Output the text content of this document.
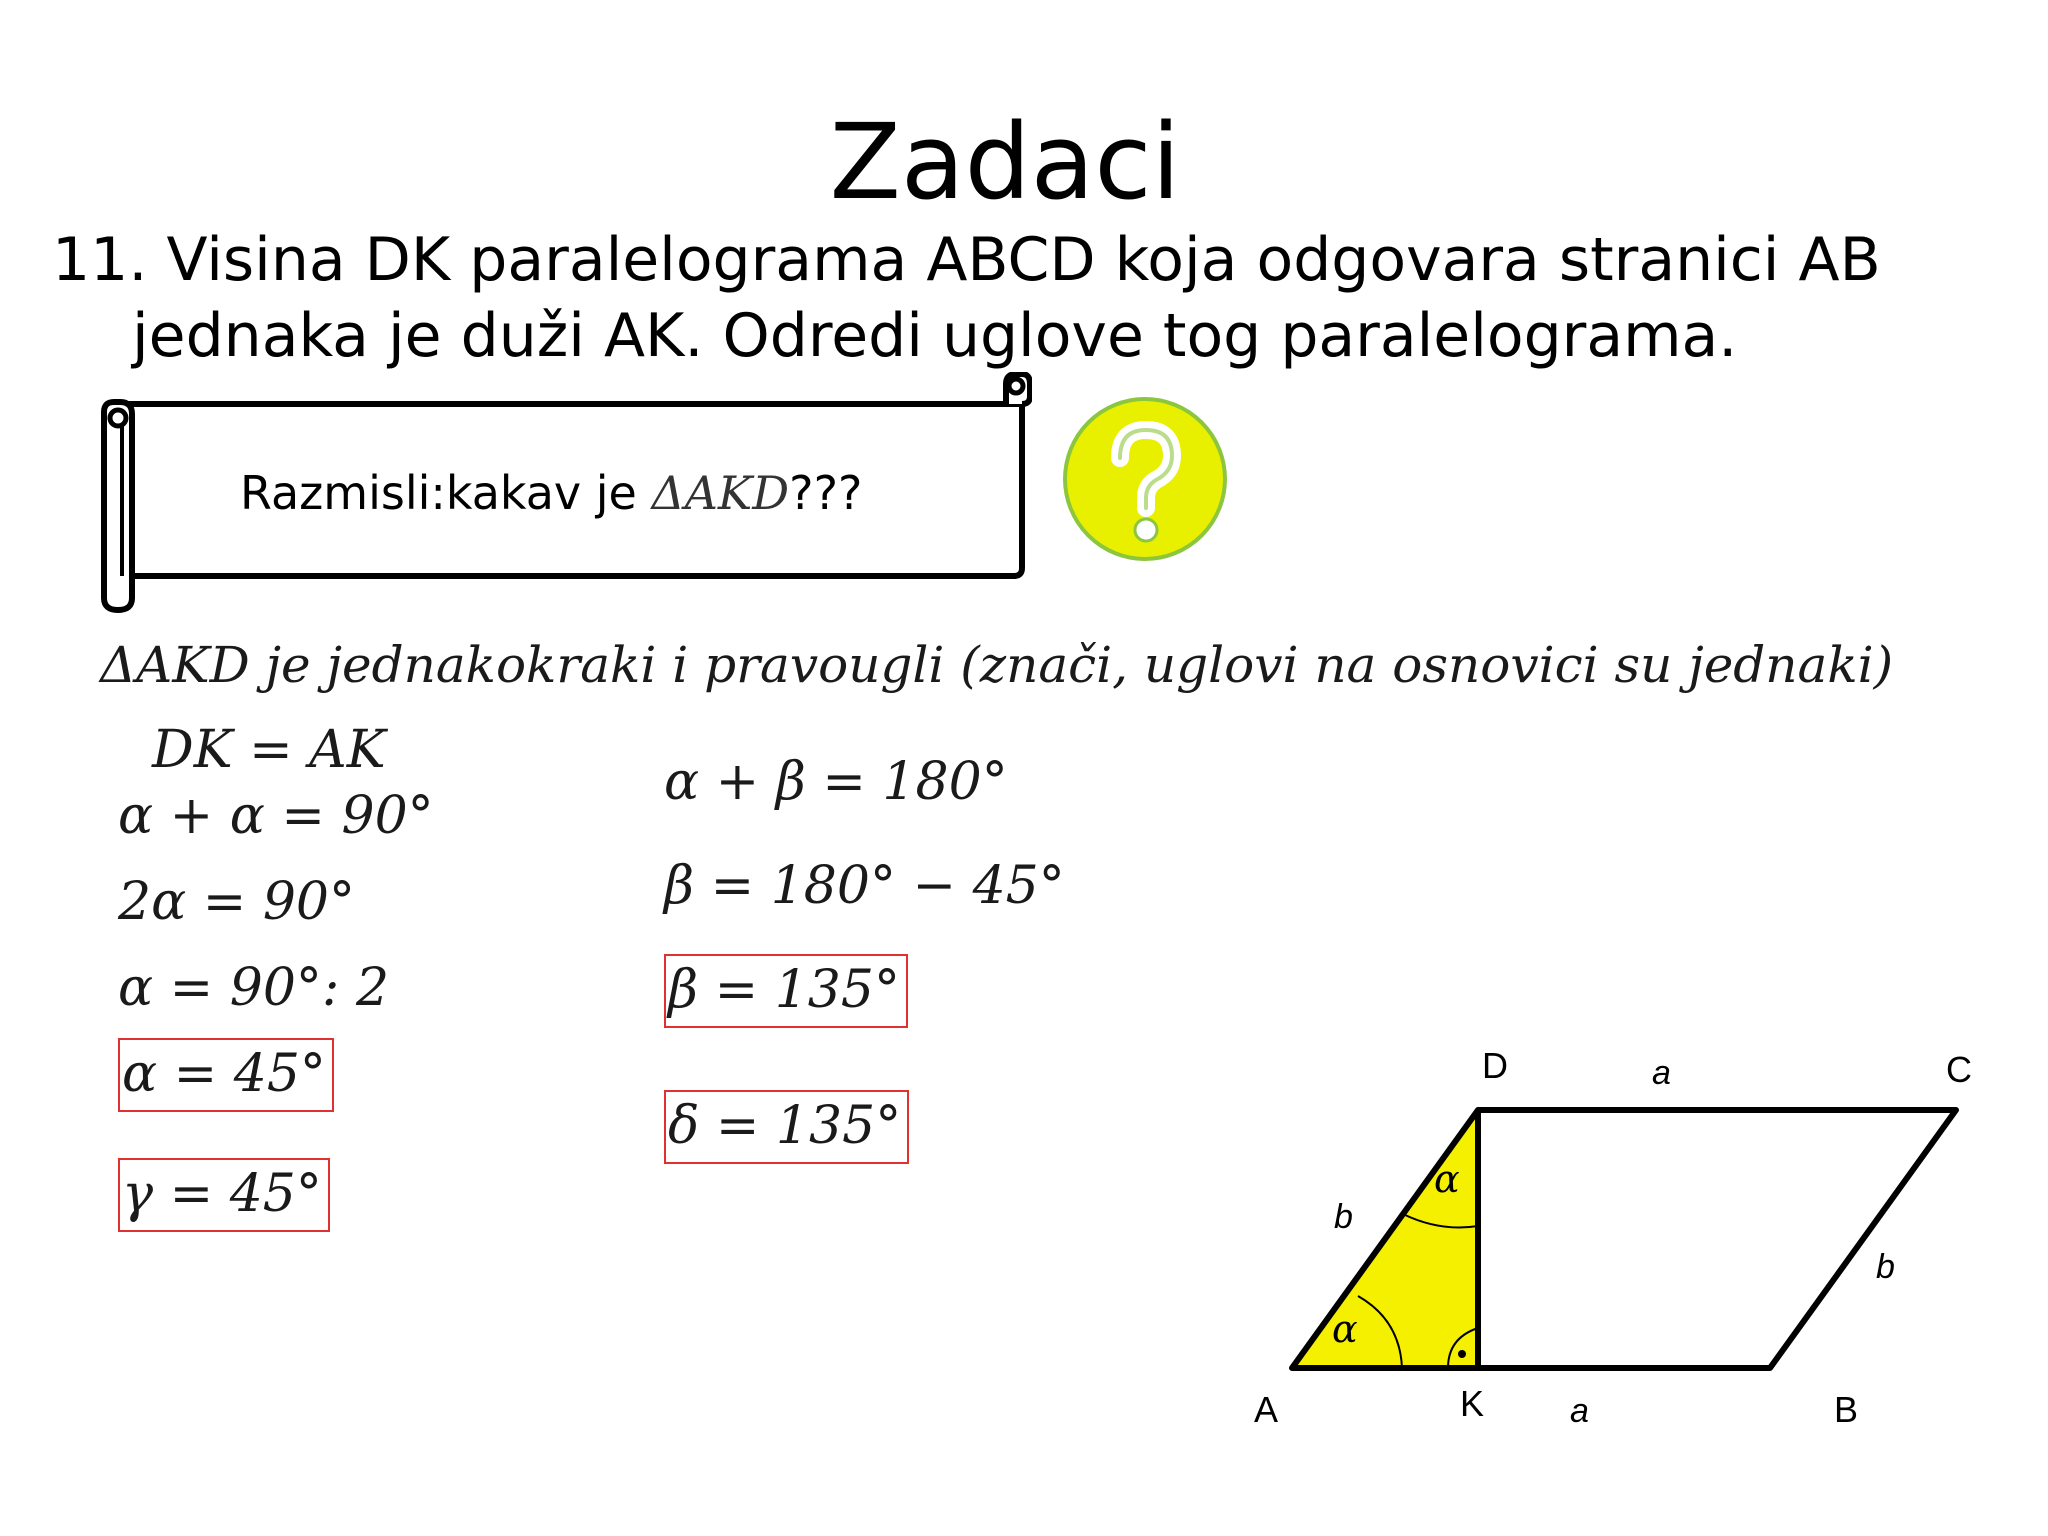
Zadaci
11. Visina DK paralelograma ABCD koja odgovara stranici AB
jednaka je duži AK. Odredi uglove tog paralelograma.
Razmisli:kakav je ΔAKD???
ΔAKD je jednakokraki i pravougli (znači, uglovi na osnovici su jednaki)
DK = AK
α + α = 90°
2α = 90°
α = 90°: 2
α = 45°
γ = 45°
α + β = 180°
β = 180° − 45°
β = 135°
δ = 135°
A	B
C
D
K
a
a
b
b
α
α
